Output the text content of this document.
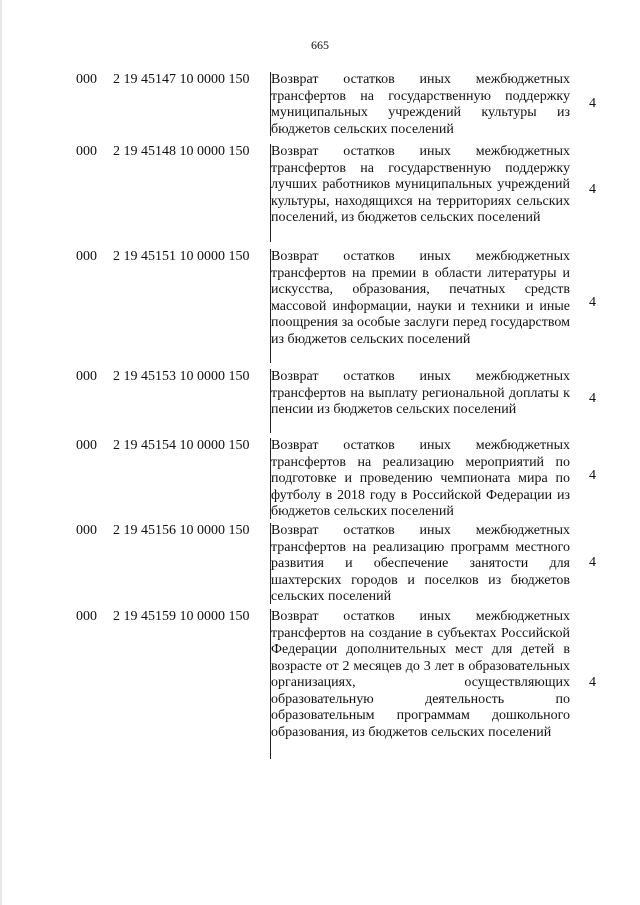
665
000 2 19 45147 10 0000 150 Возврат остатков иных межбюджетных трансфертов на государственную поддержку муниципальных учреждений культуры из бюджетов сельских поселений
4
000 2 19 45148 10 0000 150 Возврат остатков иных межбюджетных трансфертов на государственную поддержку лучших работников муниципальных учреждений культуры, находящихся на территориях сельских поселений, из бюджетов сельских поселений
4
000 2 19 45151 10 0000 150 Возврат остатков иных межбюджетных трансфертов на премии в области литературы и искусства, образования, печатных средств массовой информации, науки и техники и иные поощрения за особые заслуги перед государством из бюджетов сельских поселений
4
000 2 19 45153 10 0000 150 Возврат остатков иных межбюджетных трансфертов на выплату региональной доплаты к пенсии из бюджетов сельских поселений
4
000 2 19 45154 10 0000 150 Возврат остатков иных межбюджетных трансфертов на реализацию мероприятий по подготовке и проведению чемпионата мира по футболу в 2018 году в Российской Федерации из бюджетов сельских поселений
4
000 2 19 45156 10 0000 150 Возврат остатков иных межбюджетных трансфертов на реализацию программ местного развития и обеспечение занятости для шахтерских городов и поселков из бюджетов сельских поселений
4
000 2 19 45159 10 0000 150 Возврат остатков иных межбюджетных трансфертов на создание в субъектах Российской Федерации дополнительных мест для детей в возрасте от 2 месяцев до 3 лет в образовательных организациях, осуществляющих образовательную деятельность по образовательным программам дошкольного образования, из бюджетов сельских поселений
4
